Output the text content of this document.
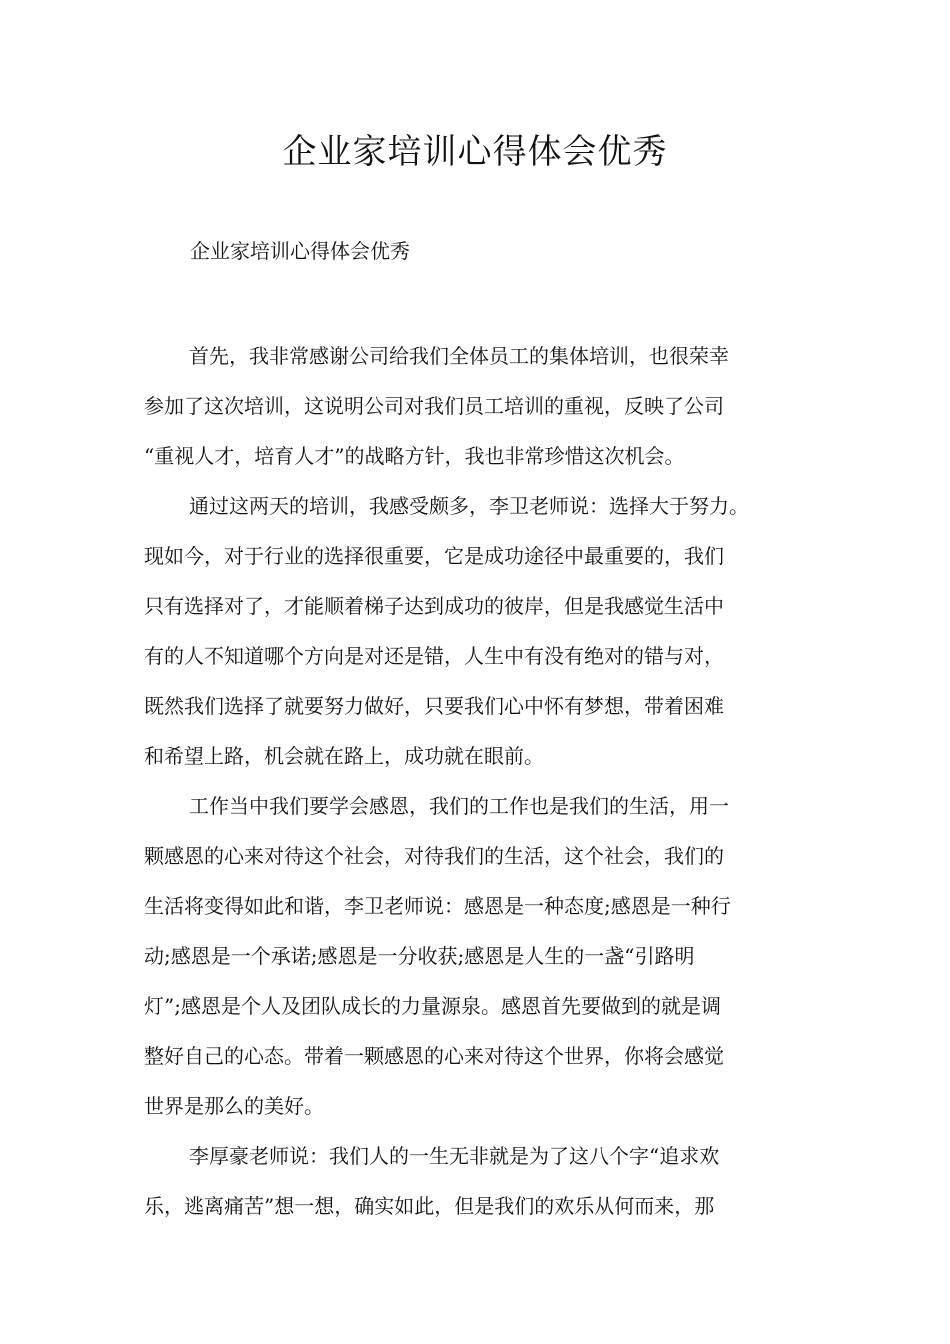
企业家培训心得体会优秀

企业家培训心得体会优秀

首先，我非常感谢公司给我们全体员工的集体培训，也很荣幸
参加了这次培训，这说明公司对我们员工培训的重视，反映了公司
“重视人才，培育人才”的战略方针，我也非常珍惜这次机会。
通过这两天的培训，我感受颇多，李卫老师说：选择大于努力。
现如今，对于行业的选择很重要，它是成功途径中最重要的，我们
只有选择对了，才能顺着梯子达到成功的彼岸，但是我感觉生活中
有的人不知道哪个方向是对还是错，人生中有没有绝对的错与对，
既然我们选择了就要努力做好，只要我们心中怀有梦想，带着困难
和希望上路，机会就在路上，成功就在眼前。
工作当中我们要学会感恩，我们的工作也是我们的生活，用一
颗感恩的心来对待这个社会，对待我们的生活，这个社会，我们的
生活将变得如此和谐，李卫老师说：感恩是一种态度;感恩是一种行
动;感恩是一个承诺;感恩是一分收获;感恩是人生的一盏“引路明
灯”;感恩是个人及团队成长的力量源泉。感恩首先要做到的就是调
整好自己的心态。带着一颗感恩的心来对待这个世界，你将会感觉
世界是那么的美好。
李厚豪老师说：我们人的一生无非就是为了这八个字“追求欢
乐，逃离痛苦”想一想，确实如此，但是我们的欢乐从何而来，那
